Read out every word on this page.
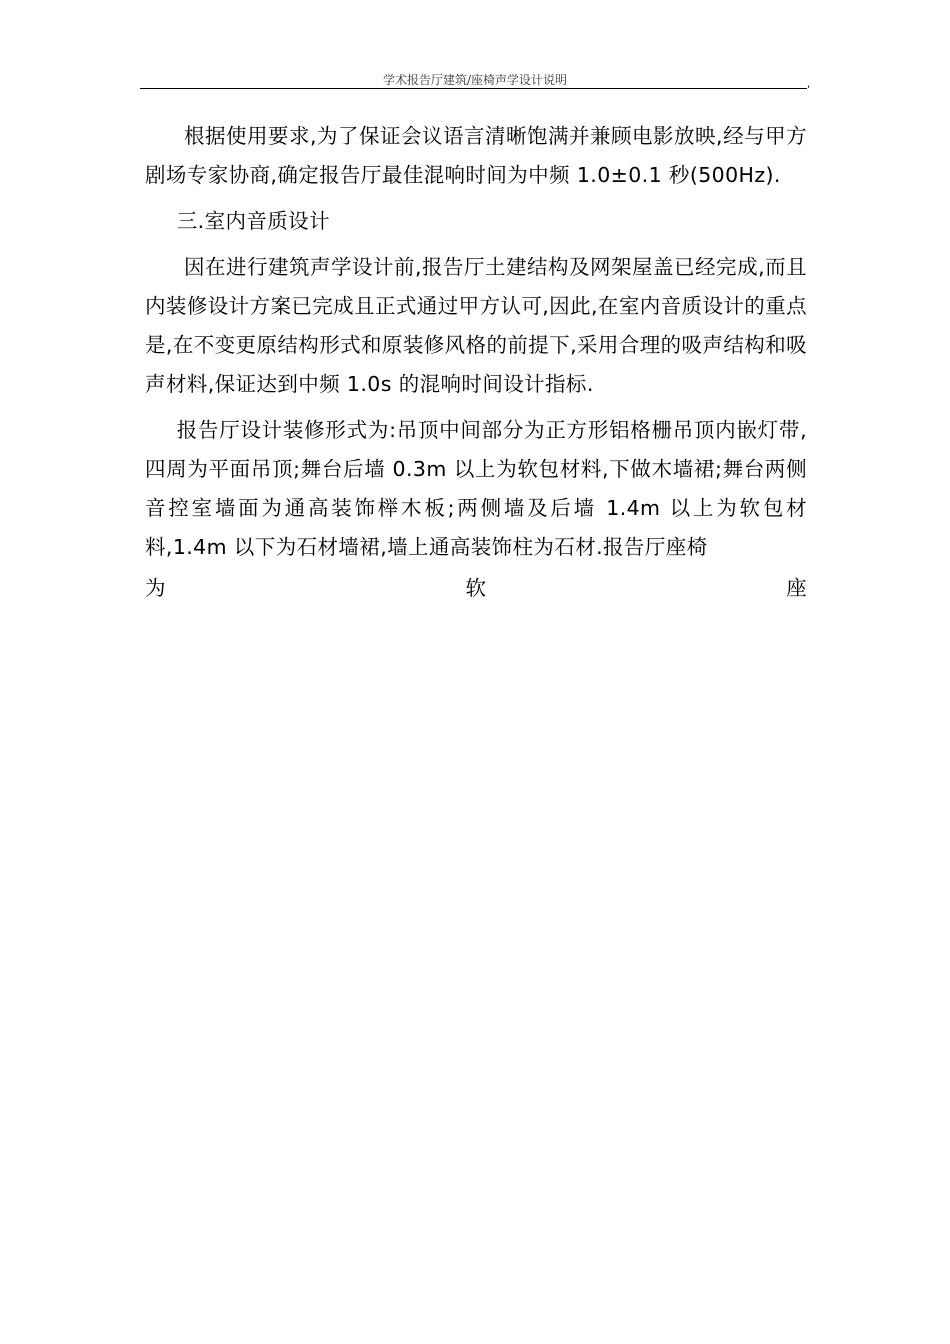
学术报告厅建筑/座椅声学设计说明	,

根据使用要求,为了保证会议语言清晰饱满并兼顾电影放映,经与甲方剧场专家协商,确定报告厅最佳混响时间为中频 1.0±0.1 秒(500Hz).

三.室内音质设计

因在进行建筑声学设计前,报告厅土建结构及网架屋盖已经完成,而且内装修设计方案已完成且正式通过甲方认可,因此,在室内音质设计的重点是,在不变更原结构形式和原装修风格的前提下,采用合理的吸声结构和吸声材料,保证达到中频 1.0s 的混响时间设计指标.

报告厅设计装修形式为:吊顶中间部分为正方形铝格栅吊顶内嵌灯带,四周为平面吊顶;舞台后墙 0.3m 以上为软包材料,下做木墙裙;舞台两侧音控室墙面为通高装饰榉木板;两侧墙及后墙 1.4m 以上为软包材料,1.4m 以下为石材墙裙,墙上通高装饰柱为石材.报告厅座椅

为	软	座
